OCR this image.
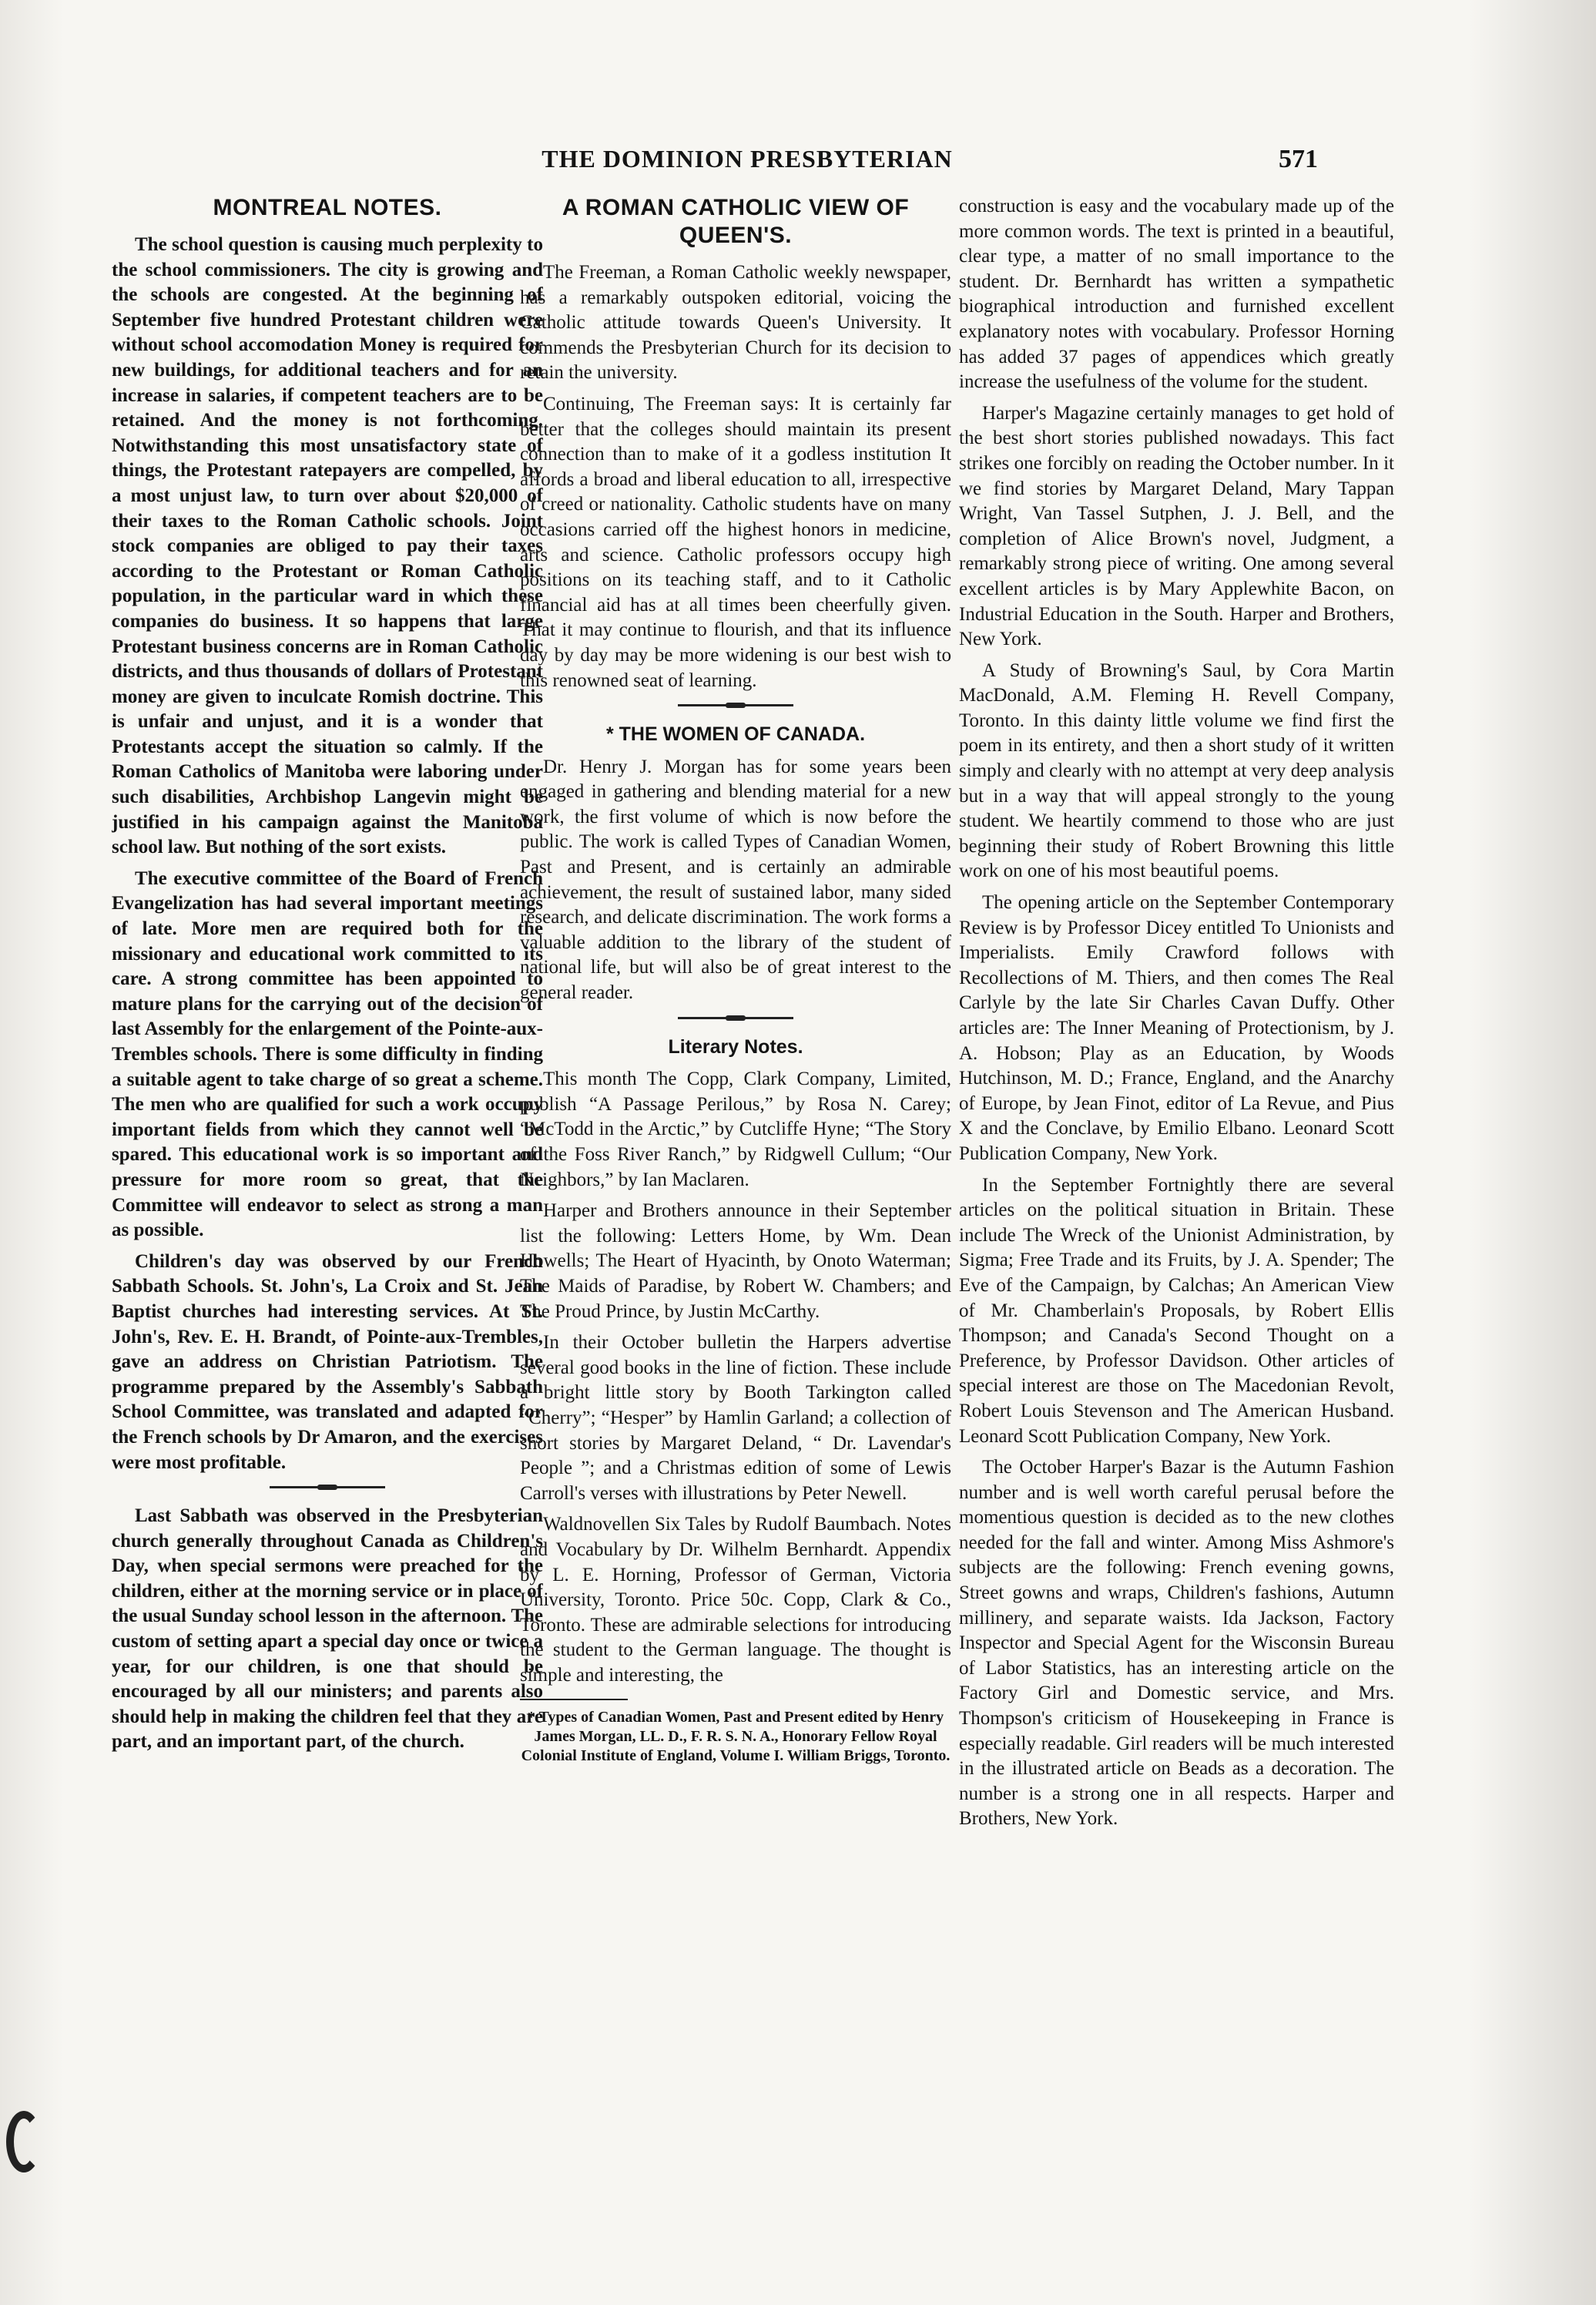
THE DOMINION PRESBYTERIAN	571
MONTREAL NOTES.

The school question is causing much perplexity to the school commissioners. The city is growing and the schools are congested. At the beginning of September five hundred Protestant children were without school accomodation Money is required for new buildings, for additional teachers and for an increase in salaries, if competent teachers are to be retained. And the money is not forthcoming. Notwithstanding this most unsatisfactory state of things, the Protestant ratepayers are compelled, by a most unjust law, to turn over about $20,000 of their taxes to the Roman Catholic schools. Joint stock companies are obliged to pay their taxes according to the Protestant or Roman Catholic population, in the particular ward in which these companies do business. It so happens that large Protestant business concerns are in Roman Catholic districts, and thus thousands of dollars of Protestant money are given to inculcate Romish doctrine. This is unfair and unjust, and it is a wonder that Protestants accept the situation so calmly. If the Roman Catholics of Manitoba were laboring under such disabilities, Archbishop Langevin might be justified in his campaign against the Manitoba school law. But nothing of the sort exists.

The executive committee of the Board of French Evangelization has had several important meetings of late. More men are required both for the missionary and educational work committed to its care. A strong committee has been appointed to mature plans for the carrying out of the decision of last Assembly for the enlargement of the Pointe-aux-Trembles schools. There is some difficulty in finding a suitable agent to take charge of so great a scheme. The men who are qualified for such a work occupy important fields from which they cannot well be spared. This educational work is so important and pressure for more room so great, that the Committee will endeavor to select as strong a man as possible.

Children's day was observed by our French Sabbath Schools. St. John's, La Croix and St. Jean Baptist churches had interesting services. At St. John's, Rev. E. H. Brandt, of Pointe-aux-Trembles, gave an address on Christian Patriotism. The programme prepared by the Assembly's Sabbath School Committee, was translated and adapted for the French schools by Dr Amaron, and the exercises were most profitable.

Last Sabbath was observed in the Presbyterian church generally throughout Canada as Children's Day, when special sermons were preached for the children, either at the morning service or in place of the usual Sunday school lesson in the afternoon. The custom of setting apart a special day once or twice a year, for our children, is one that should be encouraged by all our ministers; and parents also should help in making the children feel that they are part, and an important part, of the church.

A ROMAN CATHOLIC VIEW OF QUEEN'S.

The Freeman, a Roman Catholic weekly newspaper, has a remarkably outspoken editorial, voicing the Catholic attitude towards Queen's University. It commends the Presbyterian Church for its decision to retain the university.

Continuing, The Freeman says: It is certainly far better that the colleges should maintain its present connection than to make of it a godless institution It affords a broad and liberal education to all, irrespective of creed or nationality. Catholic students have on many occasions carried off the highest honors in medicine, arts and science. Catholic professors occupy high positions on its teaching staff, and to it Catholic financial aid has at all times been cheerfully given. That it may continue to flourish, and that its influence day by day may be more widening is our best wish to this renowned seat of learning.

* THE WOMEN OF CANADA.

Dr. Henry J. Morgan has for some years been engaged in gathering and blending material for a new work, the first volume of which is now before the public. The work is called Types of Canadian Women, Past and Present, and is certainly an admirable achievement, the result of sustained labor, many sided research, and delicate discrimination. The work forms a valuable addition to the library of the student of national life, but will also be of great interest to the general reader.

Literary Notes.

This month The Copp, Clark Company, Limited, publish “A Passage Perilous,” by Rosa N. Carey; “McTodd in the Arctic,” by Cutcliffe Hyne; “The Story of the Foss River Ranch,” by Ridgwell Cullum; “Our Neighbors,” by Ian Maclaren.

Harper and Brothers announce in their September list the following: Letters Home, by Wm. Dean Howells; The Heart of Hyacinth, by Onoto Waterman; The Maids of Paradise, by Robert W. Chambers; and The Proud Prince, by Justin McCarthy.

In their October bulletin the Harpers advertise several good books in the line of fiction. These include a bright little story by Booth Tarkington called “Cherry”; “Hesper” by Hamlin Garland; a collection of short stories by Margaret Deland, “ Dr. Lavendar's People ”; and a Christmas edition of some of Lewis Carroll's verses with illustrations by Peter Newell.

Waldnovellen Six Tales by Rudolf Baumbach. Notes and Vocabulary by Dr. Wilhelm Bernhardt. Appendix by L. E. Horning, Professor of German, Victoria University, Toronto. Price 50c. Copp, Clark & Co., Toronto. These are admirable selections for introducing the student to the German language. The thought is simple and interesting, the

* Types of Canadian Women, Past and Present edited by Henry James Morgan, LL. D., F. R. S. N. A., Honorary Fellow Royal Colonial Institute of England, Volume I. William Briggs, Toronto.

construction is easy and the vocabulary made up of the more common words. The text is printed in a beautiful, clear type, a matter of no small importance to the student. Dr. Bernhardt has written a sympathetic biographical introduction and furnished excellent explanatory notes with vocabulary. Professor Horning has added 37 pages of appendices which greatly increase the usefulness of the volume for the student.

Harper's Magazine certainly manages to get hold of the best short stories published nowadays. This fact strikes one forcibly on reading the October number. In it we find stories by Margaret Deland, Mary Tappan Wright, Van Tassel Sutphen, J. J. Bell, and the completion of Alice Brown's novel, Judgment, a remarkably strong piece of writing. One among several excellent articles is by Mary Applewhite Bacon, on Industrial Education in the South. Harper and Brothers, New York.

A Study of Browning's Saul, by Cora Martin MacDonald, A.M. Fleming H. Revell Company, Toronto. In this dainty little volume we find first the poem in its entirety, and then a short study of it written simply and clearly with no attempt at very deep analysis but in a way that will appeal strongly to the young student. We heartily commend to those who are just beginning their study of Robert Browning this little work on one of his most beautiful poems.

The opening article on the September Contemporary Review is by Professor Dicey entitled To Unionists and Imperialists. Emily Crawford follows with Recollections of M. Thiers, and then comes The Real Carlyle by the late Sir Charles Cavan Duffy. Other articles are: The Inner Meaning of Protectionism, by J. A. Hobson; Play as an Education, by Woods Hutchinson, M. D.; France, England, and the Anarchy of Europe, by Jean Finot, editor of La Revue, and Pius X and the Conclave, by Emilio Elbano. Leonard Scott Publication Company, New York.

In the September Fortnightly there are several articles on the political situation in Britain. These include The Wreck of the Unionist Administration, by Sigma; Free Trade and its Fruits, by J. A. Spender; The Eve of the Campaign, by Calchas; An American View of Mr. Chamberlain's Proposals, by Robert Ellis Thompson; and Canada's Second Thought on a Preference, by Professor Davidson. Other articles of special interest are those on The Macedonian Revolt, Robert Louis Stevenson and The American Husband. Leonard Scott Publication Company, New York.

The October Harper's Bazar is the Autumn Fashion number and is well worth careful perusal before the momentious question is decided as to the new clothes needed for the fall and winter. Among Miss Ashmore's subjects are the following: French evening gowns, Street gowns and wraps, Children's fashions, Autumn millinery, and separate waists. Ida Jackson, Factory Inspector and Special Agent for the Wisconsin Bureau of Labor Statistics, has an interesting article on the Factory Girl and Domestic service, and Mrs. Thompson's criticism of Housekeeping in France is especially readable. Girl readers will be much interested in the illustrated article on Beads as a decoration. The number is a strong one in all respects. Harper and Brothers, New York.
